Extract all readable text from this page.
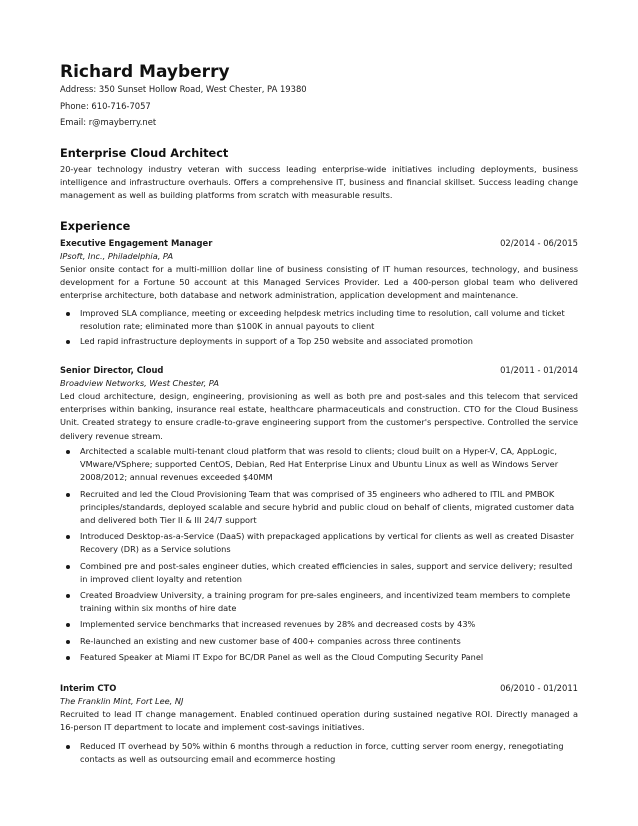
Richard Mayberry
Address: 350 Sunset Hollow Road, West Chester, PA 19380
Phone: 610-716-7057
Email: r@mayberry.net
Enterprise Cloud Architect
20-year technology industry veteran with success leading enterprise-wide initiatives including deployments, business intelligence and infrastructure overhauls. Offers a comprehensive IT, business and financial skillset. Success leading change management as well as building platforms from scratch with measurable results.
Experience
Executive Engagement Manager	02/2014 - 06/2015
IPsoft, Inc., Philadelphia, PA
Senior onsite contact for a multi-million dollar line of business consisting of IT human resources, technology, and business development for a Fortune 50 account at this Managed Services Provider. Led a 400-person global team who delivered enterprise architecture, both database and network administration, application development and maintenance.
Improved SLA compliance, meeting or exceeding helpdesk metrics including time to resolution, call volume and ticket resolution rate; eliminated more than $100K in annual payouts to client
Led rapid infrastructure deployments in support of a Top 250 website and associated promotion
Senior Director, Cloud	01/2011 - 01/2014
Broadview Networks, West Chester, PA
Led cloud architecture, design, engineering, provisioning as well as both pre and post-sales and this telecom that serviced enterprises within banking, insurance real estate, healthcare pharmaceuticals and construction. CTO for the Cloud Business Unit. Created strategy to ensure cradle-to-grave engineering support from the customer's perspective. Controlled the service delivery revenue stream.
Architected a scalable multi-tenant cloud platform that was resold to clients; cloud built on a Hyper-V, CA, AppLogic, VMware/VSphere; supported CentOS, Debian, Red Hat Enterprise Linux and Ubuntu Linux as well as Windows Server 2008/2012; annual revenues exceeded $40MM
Recruited and led the Cloud Provisioning Team that was comprised of 35 engineers who adhered to ITIL and PMBOK principles/standards, deployed scalable and secure hybrid and public cloud on behalf of clients, migrated customer data and delivered both Tier II & III 24/7 support
Introduced Desktop-as-a-Service (DaaS) with prepackaged applications by vertical for clients as well as created Disaster Recovery (DR) as a Service solutions
Combined pre and post-sales engineer duties, which created efficiencies in sales, support and service delivery; resulted in improved client loyalty and retention
Created Broadview University, a training program for pre-sales engineers, and incentivized team members to complete training within six months of hire date
Implemented service benchmarks that increased revenues by 28% and decreased costs by 43%
Re-launched an existing and new customer base of 400+ companies across three continents
Featured Speaker at Miami IT Expo for BC/DR Panel as well as the Cloud Computing Security Panel
Interim CTO	06/2010 - 01/2011
The Franklin Mint, Fort Lee, NJ
Recruited to lead IT change management. Enabled continued operation during sustained negative ROI. Directly managed a 16-person IT department to locate and implement cost-savings initiatives.
Reduced IT overhead by 50% within 6 months through a reduction in force, cutting server room energy, renegotiating contacts as well as outsourcing email and ecommerce hosting
